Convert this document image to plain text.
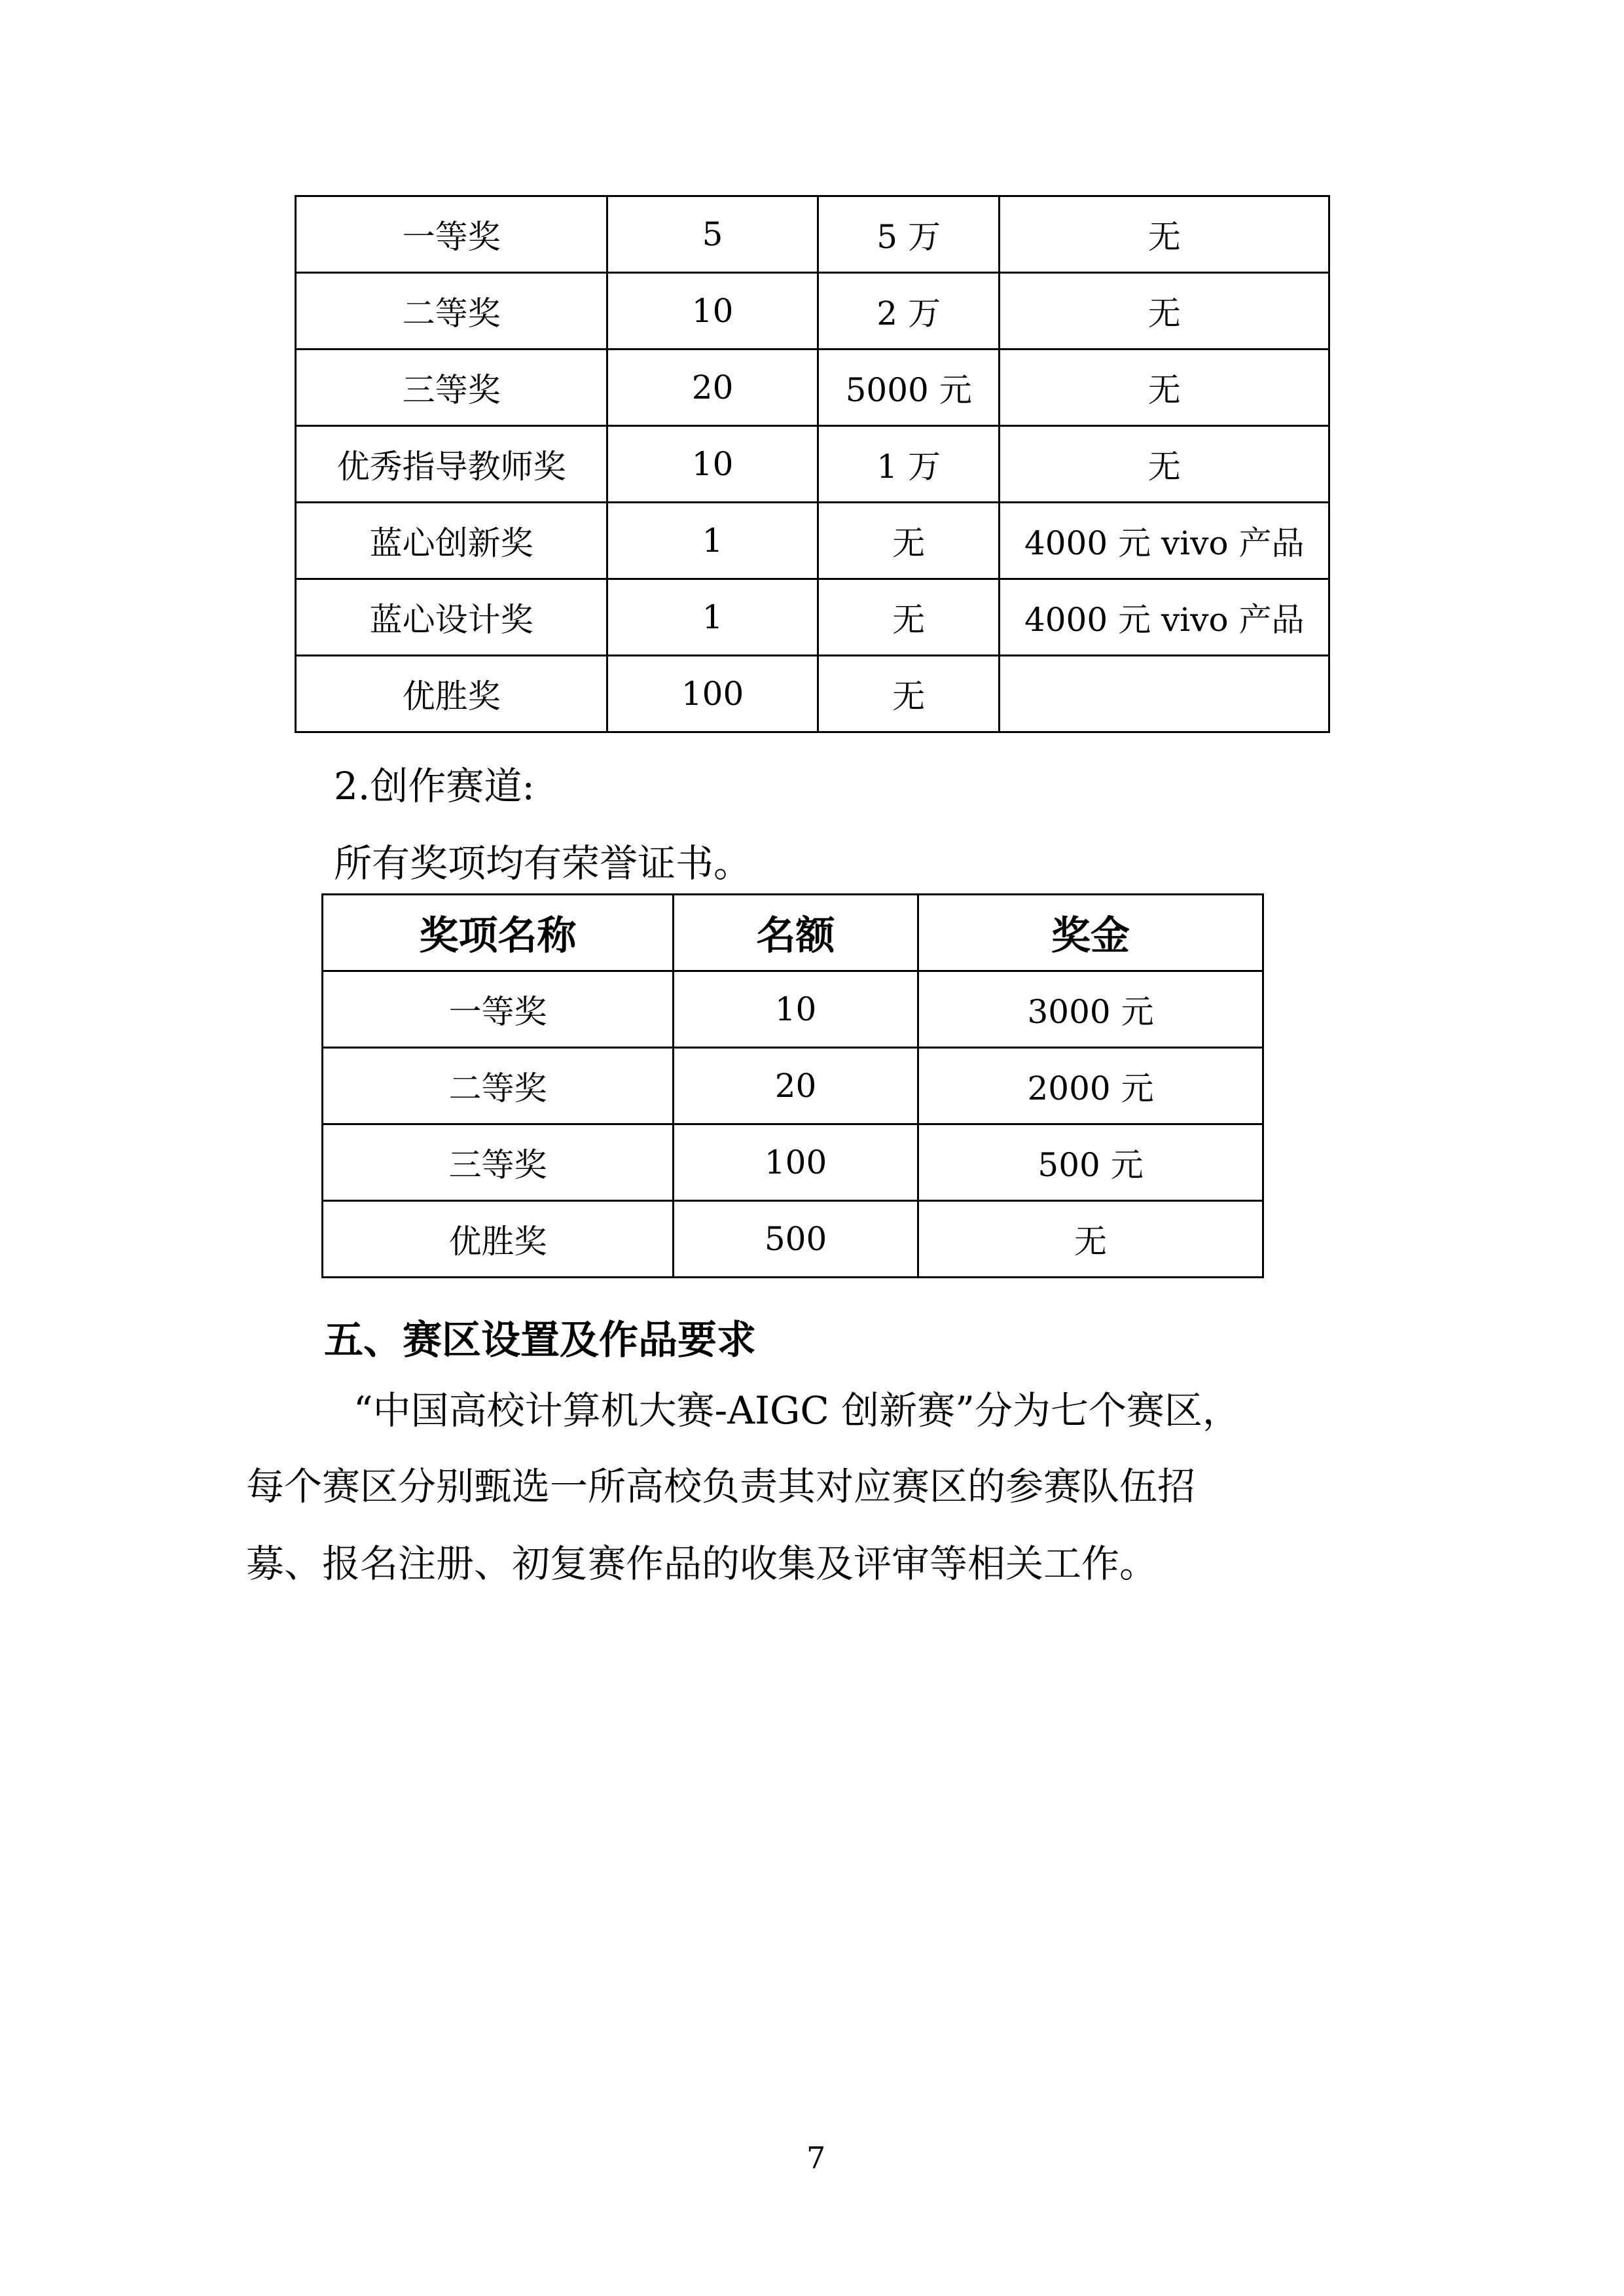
一等奖	5	5 万	无
二等奖	10	2 万	无
三等奖	20	5000 元	无
优秀指导教师奖	10	1 万	无
蓝心创新奖	1	无	4000 元 vivo 产品
蓝心设计奖	1	无	4000 元 vivo 产品
优胜奖	100	无	
2.创作赛道:
所有奖项均有荣誉证书。
奖项名称	名额	奖金
一等奖	10	3000 元
二等奖	20	2000 元
三等奖	100	500 元
优胜奖	500	无
五、赛区设置及作品要求
“中国高校计算机大赛-AIGC 创新赛”分为七个赛区，
每个赛区分别甄选一所高校负责其对应赛区的参赛队伍招
募、报名注册、初复赛作品的收集及评审等相关工作。
7
